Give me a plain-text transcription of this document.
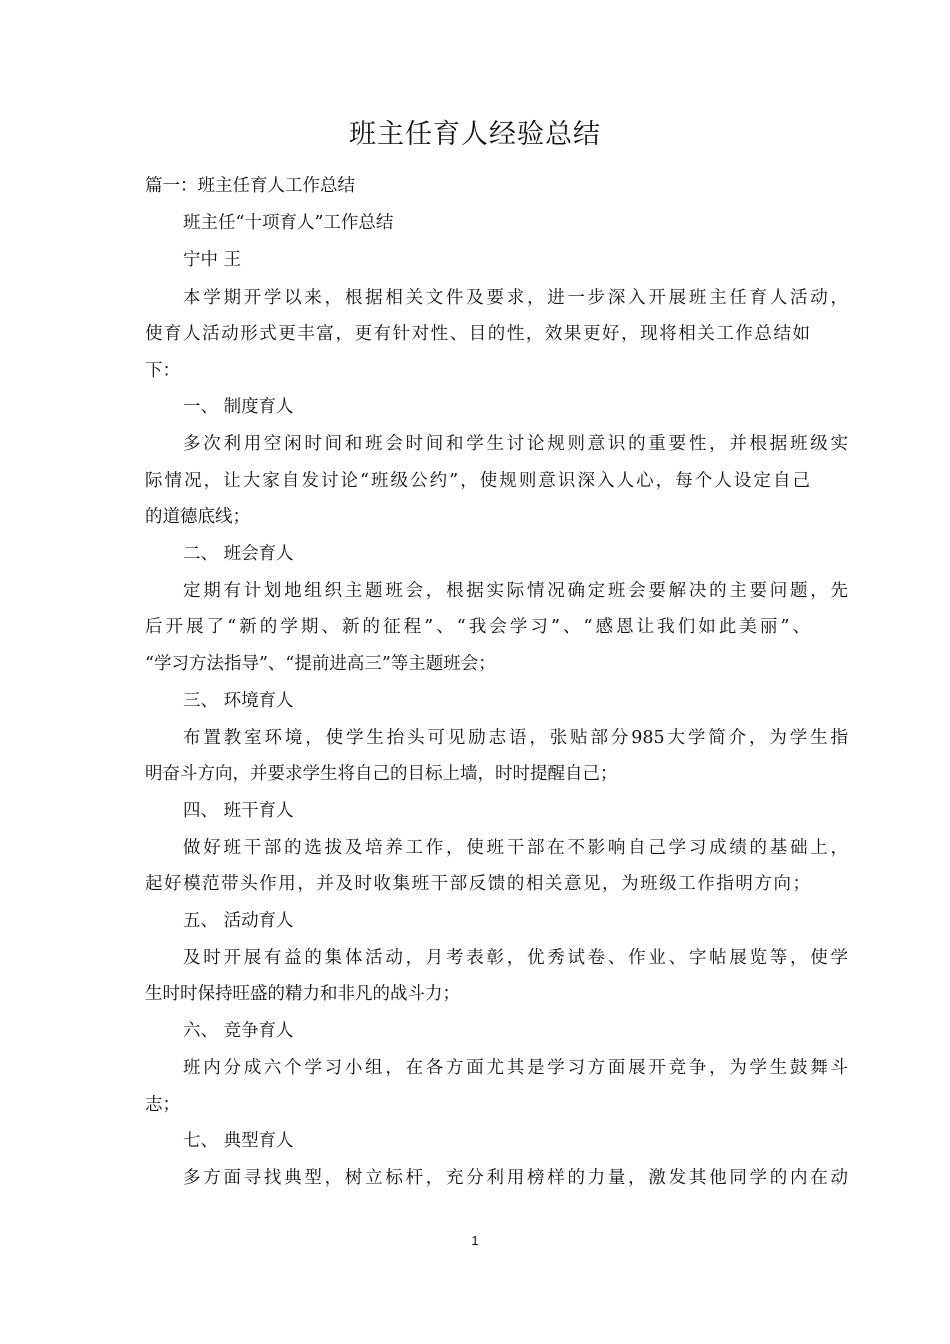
班主任育人经验总结
篇一：班主任育人工作总结
班主任“十项育人”工作总结
宁中 王
本学期开学以来，根据相关文件及要求，进一步深入开展班主任育人活动，
使育人活动形式更丰富，更有针对性、目的性，效果更好，现将相关工作总结如
下：
一、 制度育人
多次利用空闲时间和班会时间和学生讨论规则意识的重要性，并根据班级实
际情况，让大家自发讨论“班级公约”，使规则意识深入人心，每个人设定自己
的道德底线；
二、 班会育人
定期有计划地组织主题班会，根据实际情况确定班会要解决的主要问题，先
后开展了“新的学期、新的征程”、“我会学习”、“感恩让我们如此美丽”、
“学习方法指导”、“提前进高三”等主题班会；
三、 环境育人
布置教室环境，使学生抬头可见励志语，张贴部分985大学简介，为学生指
明奋斗方向，并要求学生将自己的目标上墙，时时提醒自己；
四、 班干育人
做好班干部的选拔及培养工作，使班干部在不影响自己学习成绩的基础上，
起好模范带头作用，并及时收集班干部反馈的相关意见，为班级工作指明方向；
五、 活动育人
及时开展有益的集体活动，月考表彰，优秀试卷、作业、字帖展览等，使学
生时时保持旺盛的精力和非凡的战斗力；
六、 竞争育人
班内分成六个学习小组，在各方面尤其是学习方面展开竞争，为学生鼓舞斗
志；
七、 典型育人
多方面寻找典型，树立标杆，充分利用榜样的力量，激发其他同学的内在动
1
